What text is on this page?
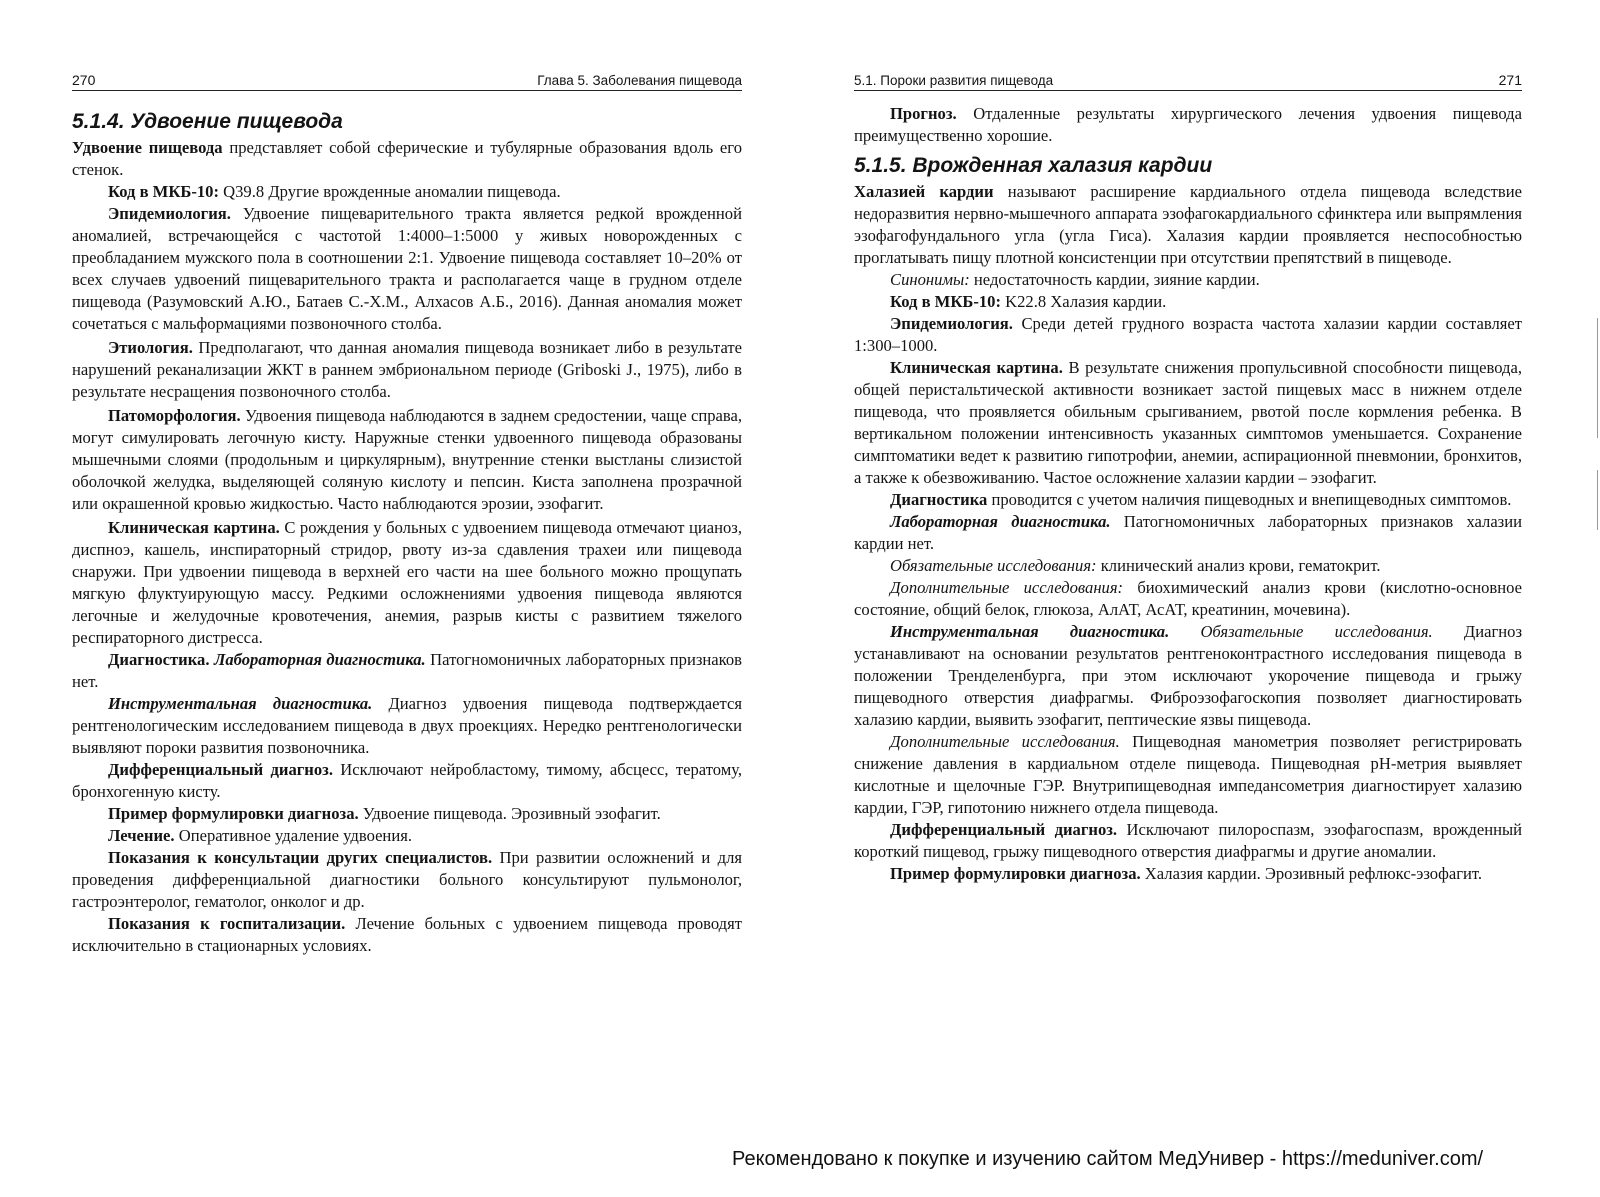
270	Глава 5. Заболевания пищевода
5.1.4. Удвоение пищевода

Удвоение пищевода представляет собой сферические и тубулярные образования вдоль его стенок.

Код в МКБ-10: Q39.8 Другие врожденные аномалии пищевода.

Эпидемиология. Удвоение пищеварительного тракта является редкой врожденной аномалией, встречающейся с частотой 1:4000–1:5000 у живых новорожденных с преобладанием мужского пола в соотношении 2:1. Удвоение пищевода составляет 10–20% от всех случаев удвоений пищеварительного тракта и располагается чаще в грудном отделе пищевода (Разумовский А.Ю., Батаев С.-Х.М., Алхасов А.Б., 2016). Данная аномалия может сочетаться с мальформациями позвоночного столба.

Этиология. Предполагают, что данная аномалия пищевода возникает либо в результате нарушений реканализации ЖКТ в раннем эмбриональном периоде (Griboski J., 1975), либо в результате несращения позвоночного столба.

Патоморфология. Удвоения пищевода наблюдаются в заднем средостении, чаще справа, могут симулировать легочную кисту. Наружные стенки удвоенного пищевода образованы мышечными слоями (продольным и циркулярным), внутренние стенки выстланы слизистой оболочкой желудка, выделяющей соляную кислоту и пепсин. Киста заполнена прозрачной или окрашенной кровью жидкостью. Часто наблюдаются эрозии, эзофагит.

Клиническая картина. С рождения у больных с удвоением пищевода отмечают цианоз, диспноэ, кашель, инспираторный стридор, рвоту из-за сдавления трахеи или пищевода снаружи. При удвоении пищевода в верхней его части на шее больного можно прощупать мягкую флуктуирующую массу. Редкими осложнениями удвоения пищевода являются легочные и желудочные кровотечения, анемия, разрыв кисты с развитием тяжелого респираторного дистресса.

Диагностика. Лабораторная диагностика. Патогномоничных лабораторных признаков нет.

Инструментальная диагностика. Диагноз удвоения пищевода подтверждается рентгенологическим исследованием пищевода в двух проекциях. Нередко рентгенологически выявляют пороки развития позвоночника.

Дифференциальный диагноз. Исключают нейробластому, тимому, абсцесс, тератому, бронхогенную кисту.

Пример формулировки диагноза. Удвоение пищевода. Эрозивный эзофагит.

Лечение. Оперативное удаление удвоения.

Показания к консультации других специалистов. При развитии осложнений и для проведения дифференциальной диагностики больного консультируют пульмонолог, гастроэнтеролог, гематолог, онколог и др.

Показания к госпитализации. Лечение больных с удвоением пищевода проводят исключительно в стационарных условиях.

5.1. Пороки развития пищевода	271

Прогноз. Отдаленные результаты хирургического лечения удвоения пищевода преимущественно хорошие.

5.1.5. Врожденная халазия кардии

Халазией кардии называют расширение кардиального отдела пищевода вследствие недоразвития нервно-мышечного аппарата эзофагокардиального сфинктера или выпрямления эзофагофундального угла (угла Гиса). Халазия кардии проявляется неспособностью проглатывать пищу плотной консистенции при отсутствии препятствий в пищеводе.

Синонимы: недостаточность кардии, зияние кардии.

Код в МКБ-10: K22.8 Халазия кардии.

Эпидемиология. Среди детей грудного возраста частота халазии кардии составляет 1:300–1000.

Клиническая картина. В результате снижения пропульсивной способности пищевода, общей перистальтической активности возникает застой пищевых масс в нижнем отделе пищевода, что проявляется обильным срыгиванием, рвотой после кормления ребенка. В вертикальном положении интенсивность указанных симптомов уменьшается. Сохранение симптоматики ведет к развитию гипотрофии, анемии, аспирационной пневмонии, бронхитов, а также к обезвоживанию. Частое осложнение халазии кардии – эзофагит.

Диагностика проводится с учетом наличия пищеводных и внепищеводных симптомов.

Лабораторная диагностика. Патогномоничных лабораторных признаков халазии кардии нет.

Обязательные исследования: клинический анализ крови, гематокрит.

Дополнительные исследования: биохимический анализ крови (кислотно-основное состояние, общий белок, глюкоза, АлАТ, АсАТ, креатинин, мочевина).

Инструментальная диагностика. Обязательные исследования. Диагноз устанавливают на основании результатов рентгеноконтрастного исследования пищевода в положении Тренделенбурга, при этом исключают укорочение пищевода и грыжу пищеводного отверстия диафрагмы. Фиброэзофагоскопия позволяет диагностировать халазию кардии, выявить эзофагит, пептические язвы пищевода.

Дополнительные исследования. Пищеводная манометрия позволяет регистрировать снижение давления в кардиальном отделе пищевода. Пищеводная pH-метрия выявляет кислотные и щелочные ГЭР. Внутрипищеводная импедансометрия диагностирует халазию кардии, ГЭР, гипотонию нижнего отдела пищевода.

Дифференциальный диагноз. Исключают пилороспазм, эзофагоспазм, врожденный короткий пищевод, грыжу пищеводного отверстия диафрагмы и другие аномалии.

Пример формулировки диагноза. Халазия кардии. Эрозивный рефлюкс-эзофагит.

Рекомендовано к покупке и изучению сайтом МедУнивер - https://meduniver.com/
